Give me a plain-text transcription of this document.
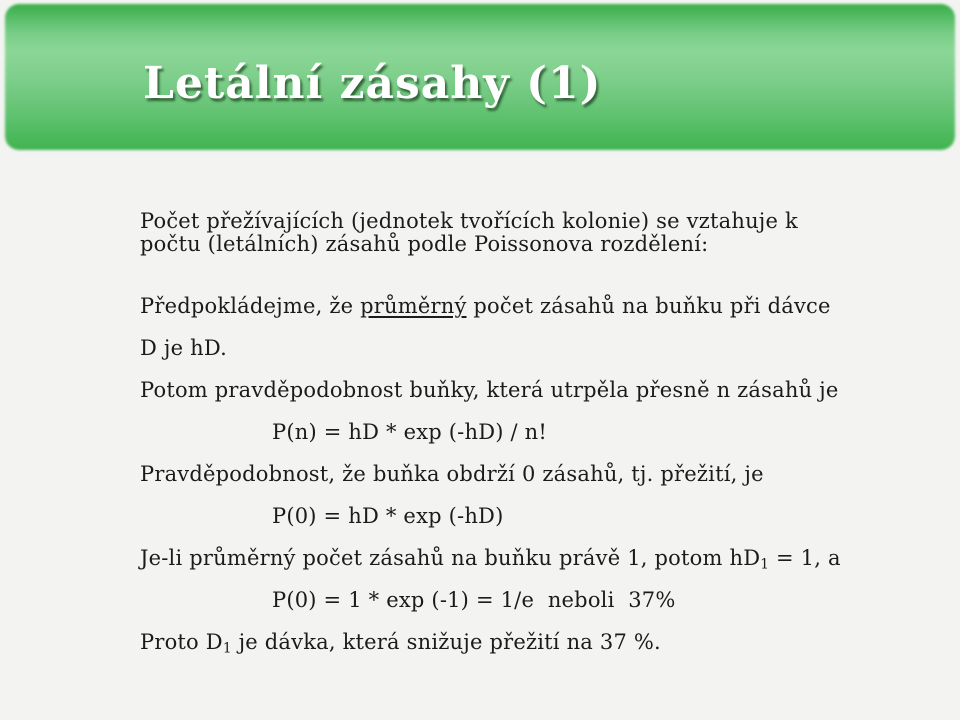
Letální zásahy (1)
Počet přežívajících (jednotek tvořících kolonie) se vztahuje k
počtu (letálních) zásahů podle Poissonova rozdělení:
Předpokládejme, že průměrný počet zásahů na buňku při dávce
D je hD.
Potom pravděpodobnost buňky, která utrpěla přesně n zásahů je
P(n) = hD * exp (-hD) / n!
Pravděpodobnost, že buňka obdrží 0 zásahů, tj. přežití, je
P(0) = hD * exp (-hD)
Je-li průměrný počet zásahů na buňku právě 1, potom hD1 = 1, a
P(0) = 1 * exp (-1) = 1/e  neboli  37%
Proto D1 je dávka, která snižuje přežití na 37 %.
